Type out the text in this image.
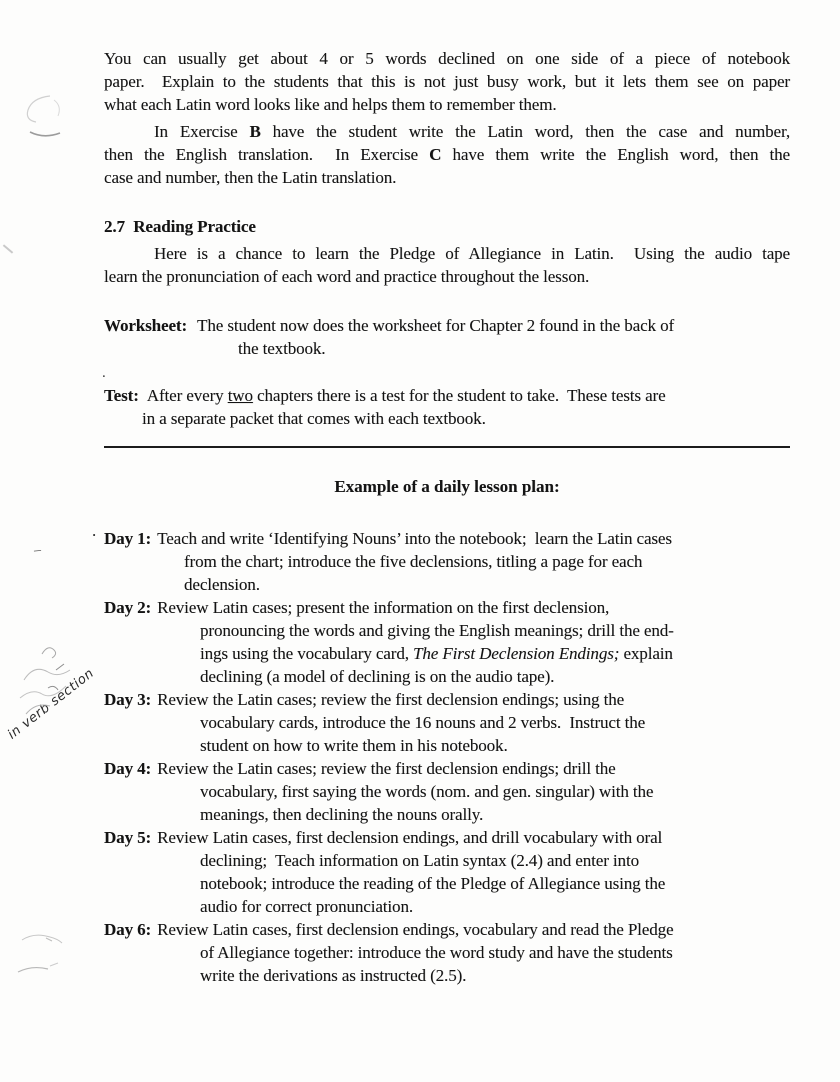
You can usually get about 4 or 5 words declined on one side of a piece of notebook
paper.  Explain to the students that this is not just busy work, but it lets them see on paper
what each Latin word looks like and helps them to remember them.
In Exercise B have the student write the Latin word, then the case and number,
then the English translation.  In Exercise C have them write the English word, then the
case and number, then the Latin translation.
2.7  Reading Practice
Here is a chance to learn the Pledge of Allegiance in Latin.  Using the audio tape
learn the pronunciation of each word and practice throughout the lesson.
Worksheet: The student now does the worksheet for Chapter 2 found in the back of
the textbook.
Test: After every two chapters there is a test for the student to take.  These tests are
in a separate packet that comes with each textbook.
Example of a daily lesson plan:
Day 1: Teach and write ‘Identifying Nouns’ into the notebook;  learn the Latin cases
from the chart; introduce the five declensions, titling a page for each
declension.
Day 2: Review Latin cases; present the information on the first declension,
pronouncing the words and giving the English meanings; drill the end-
ings using the vocabulary card, The First Declension Endings; explain
declining (a model of declining is on the audio tape).
Day 3: Review the Latin cases; review the first declension endings; using the
vocabulary cards, introduce the 16 nouns and 2 verbs.  Instruct the
student on how to write them in his notebook.
Day 4: Review the Latin cases; review the first declension endings; drill the
vocabulary, first saying the words (nom. and gen. singular) with the
meanings, then declining the nouns orally.
Day 5: Review Latin cases, first declension endings, and drill vocabulary with oral
declining;  Teach information on Latin syntax (2.4) and enter into
notebook; introduce the reading of the Pledge of Allegiance using the
audio for correct pronunciation.
Day 6: Review Latin cases, first declension endings, vocabulary and read the Pledge
of Allegiance together: introduce the word study and have the students
write the derivations as instructed (2.5).
in verb section
.
–
.
